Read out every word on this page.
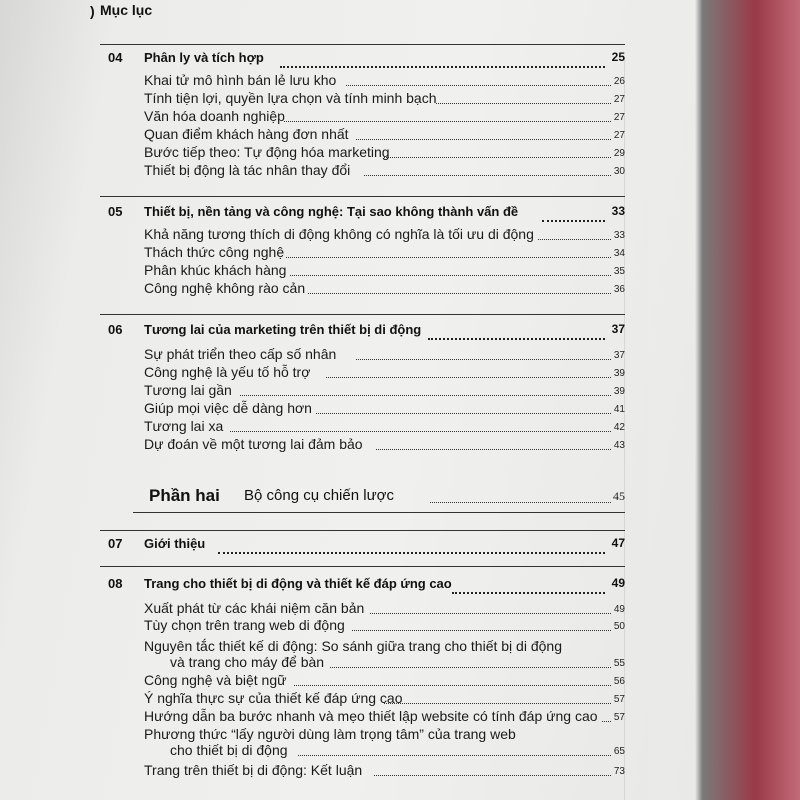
) Mục lục
04 Phân ly và tích hợp	25
Khai tử mô hình bán lẻ lưu kho	26
Tính tiện lợi, quyền lựa chọn và tính minh bạch	27
Văn hóa doanh nghiệp	27
Quan điểm khách hàng đơn nhất	27
Bước tiếp theo: Tự động hóa marketing	29
Thiết bị động là tác nhân thay đổi	30
05 Thiết bị, nền tảng và công nghệ: Tại sao không thành vấn đề	33
Khả năng tương thích di động không có nghĩa là tối ưu di động	33
Thách thức công nghệ	34
Phân khúc khách hàng	35
Công nghệ không rào cản	36
06 Tương lai của marketing trên thiết bị di động	37
Sự phát triển theo cấp số nhân	37
Công nghệ là yếu tố hỗ trợ	39
Tương lai gần	39
Giúp mọi việc dễ dàng hơn	41
Tương lai xa	42
Dự đoán về một tương lai đảm bảo	43
Phần hai Bộ công cụ chiến lược	45
07 Giới thiệu	47
08 Trang cho thiết bị di động và thiết kế đáp ứng cao	49
Xuất phát từ các khái niệm căn bản	49
Tùy chọn trên trang web di động	50
Nguyên tắc thiết kế di động: So sánh giữa trang cho thiết bị di động
và trang cho máy để bàn	55
Công nghệ và biệt ngữ	56
Ý nghĩa thực sự của thiết kế đáp ứng cao	57
Hướng dẫn ba bước nhanh và mẹo thiết lập website có tính đáp ứng cao 57
Phương thức “lấy người dùng làm trọng tâm” của trang web
cho thiết bị di động	65
Trang trên thiết bị di động: Kết luận	73
